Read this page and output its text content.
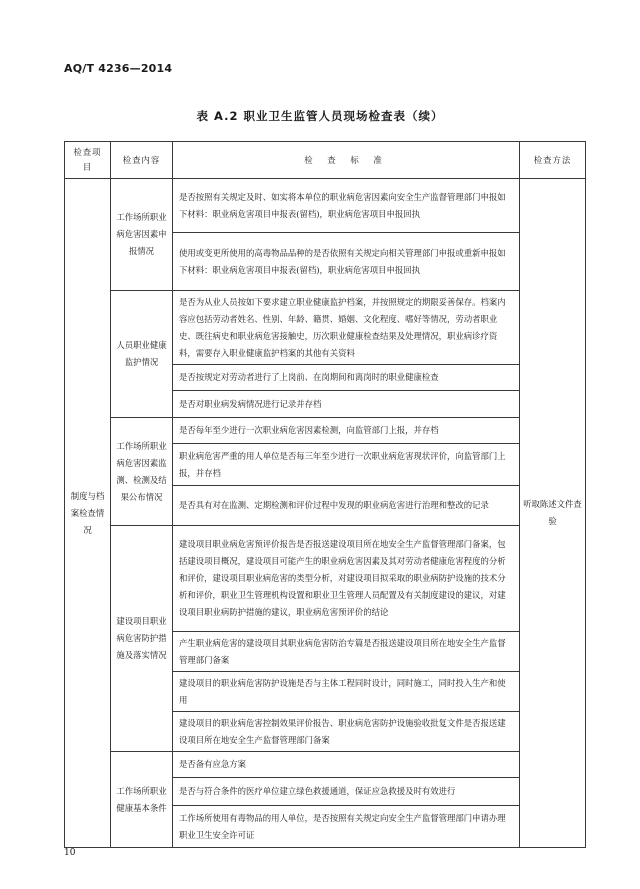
AQ/T 4236—2014
表 A.2 职业卫生监管人员现场检查表（续）
检查项目	检查内容	检 查 标 准	检查方法
制度与档案检查情况	工作场所职业病危害因素申报情况	是否按照有关规定及时、如实将本单位的职业病危害因素向安全生产监督管理部门申报如下材料：职业病危害项目申报表(留档)，职业病危害项目申报回执	听取陈述文件查验
		使用或变更所使用的高毒物品品种的是否依照有关规定向相关管理部门申报或重新申报如下材料：职业病危害项目申报表(留档)，职业病危害项目申报回执	
	人员职业健康监护情况	是否为从业人员按如下要求建立职业健康监护档案，并按照规定的期限妥善保存。档案内容应包括劳动者姓名、性别、年龄、籍贯、婚姻、文化程度、嗜好等情况，劳动者职业史、既往病史和职业病危害接触史，历次职业健康检查结果及处理情况，职业病诊疗资料，需要存入职业健康监护档案的其他有关资料	
		是否按规定对劳动者进行了上岗前、在岗期间和离岗时的职业健康检查	
		是否对职业病发病情况进行记录并存档	
	工作场所职业病危害因素监测、检测及结果公布情况	是否每年至少进行一次职业病危害因素检测，向监管部门上报，并存档	
		职业病危害严重的用人单位是否每三年至少进行一次职业病危害现状评价，向监管部门上报，并存档	
		是否具有对在监测、定期检测和评价过程中发现的职业病危害进行治理和整改的记录	
	建设项目职业病危害防护措施及落实情况	建设项目职业病危害预评价报告是否报送建设项目所在地安全生产监督管理部门备案，包括建设项目概况，建设项目可能产生的职业病危害因素及其对劳动者健康危害程度的分析和评价，建设项目职业病危害的类型分析，对建设项目拟采取的职业病防护设施的技术分析和评价，职业卫生管理机构设置和职业卫生管理人员配置及有关制度建设的建议，对建设项目职业病防护措施的建议，职业病危害预评价的结论	
		产生职业病危害的建设项目其职业病危害防治专篇是否报送建设项目所在地安全生产监督管理部门备案	
		建设项目的职业病危害防护设施是否与主体工程同时设计，同时施工，同时投入生产和使用	
		建设项目的职业病危害控制效果评价报告、职业病危害防护设施验收批复文件是否报送建设项目所在地安全生产监督管理部门备案	
	工作场所职业健康基本条件	是否备有应急方案	
		是否与符合条件的医疗单位建立绿色救援通道，保证应急救援及时有效进行	
		工作场所使用有毒物品的用人单位，是否按照有关规定向安全生产监督管理部门申请办理职业卫生安全许可证	
10
